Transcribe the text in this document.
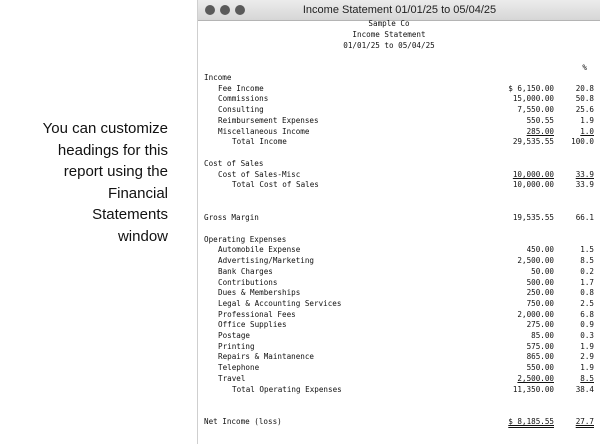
You can customize
headings for this
report using the
Financial
Statements
window
Income Statement 01/01/25 to 05/04/25
Sample Co
Income Statement
01/01/25 to 05/04/25
%
Income
Fee Income	$ 6,150.00	20.8
Commissions	15,000.00	50.8
Consulting	7,550.00	25.6
Reimbursement Expenses	550.55	1.9
Miscellaneous Income	285.00	1.0
Total Income	29,535.55 100.0
Cost of Sales
Cost of Sales-Misc	10,000.00	33.9
Total Cost of Sales	10,000.00	33.9
Gross Margin	19,535.55	66.1
Operating Expenses
Automobile Expense	450.00	1.5
Advertising/Marketing	2,500.00	8.5
Bank Charges	50.00	0.2
Contributions	500.00	1.7
Dues & Memberships	250.00	0.8
Legal & Accounting Services	750.00	2.5
Professional Fees	2,000.00	6.8
Office Supplies	275.00	0.9
Postage	85.00	0.3
Printing	575.00	1.9
Repairs & Maintanence	865.00	2.9
Telephone	550.00	1.9
Travel	2,500.00	8.5
Total Operating Expenses	11,350.00	38.4
Net Income (loss)	$ 8,185.55	27.7
